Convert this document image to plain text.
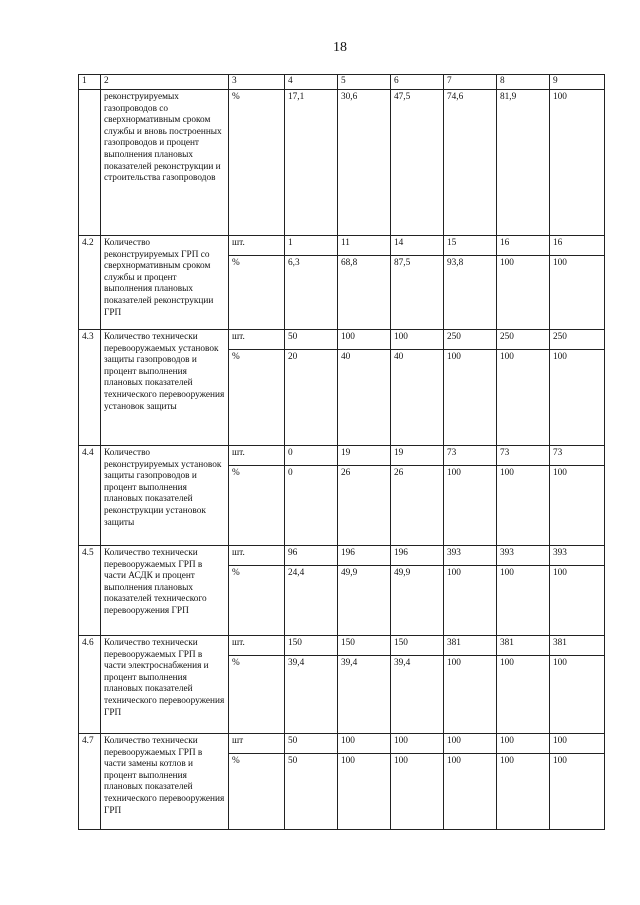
18
1	2	3	4	5	6	7	8	9
	реконструируемых газопроводов со сверхнормативным сроком службы и вновь построенных газопроводов и процент выполнения плановых показателей реконструкции и строительства газопроводов	%	17,1	30,6	47,5	74,6	81,9	100
4.2	Количество реконструируемых ГРП со сверхнормативным сроком службы и процент выполнения плановых показателей реконструкции ГРП	шт.	1	11	14	15	16	16
		%	6,3	68,8	87,5	93,8	100	100
4.3	Количество технически перевооружаемых установок защиты газопроводов и процент выполнения плановых показателей технического перевооружения установок защиты	шт.	50	100	100	250	250	250
		%	20	40	40	100	100	100
4.4	Количество реконструируемых установок защиты газопроводов и процент выполнения плановых показателей реконструкции установок защиты	шт.	0	19	19	73	73	73
		%	0	26	26	100	100	100
4.5	Количество технически перевооружаемых ГРП в части АСДК и процент выполнения плановых показателей технического перевооружения ГРП	шт.	96	196	196	393	393	393
		%	24,4	49,9	49,9	100	100	100
4.6	Количество технически перевооружаемых ГРП в части электроснабжения и процент выполнения плановых показателей технического перевооружения ГРП	шт.	150	150	150	381	381	381
		%	39,4	39,4	39,4	100	100	100
4.7	Количество технически перевооружаемых ГРП в части замены котлов и процент выполнения плановых показателей технического перевооружения ГРП	шт	50	100	100	100	100	100
		%	50	100	100	100	100	100
